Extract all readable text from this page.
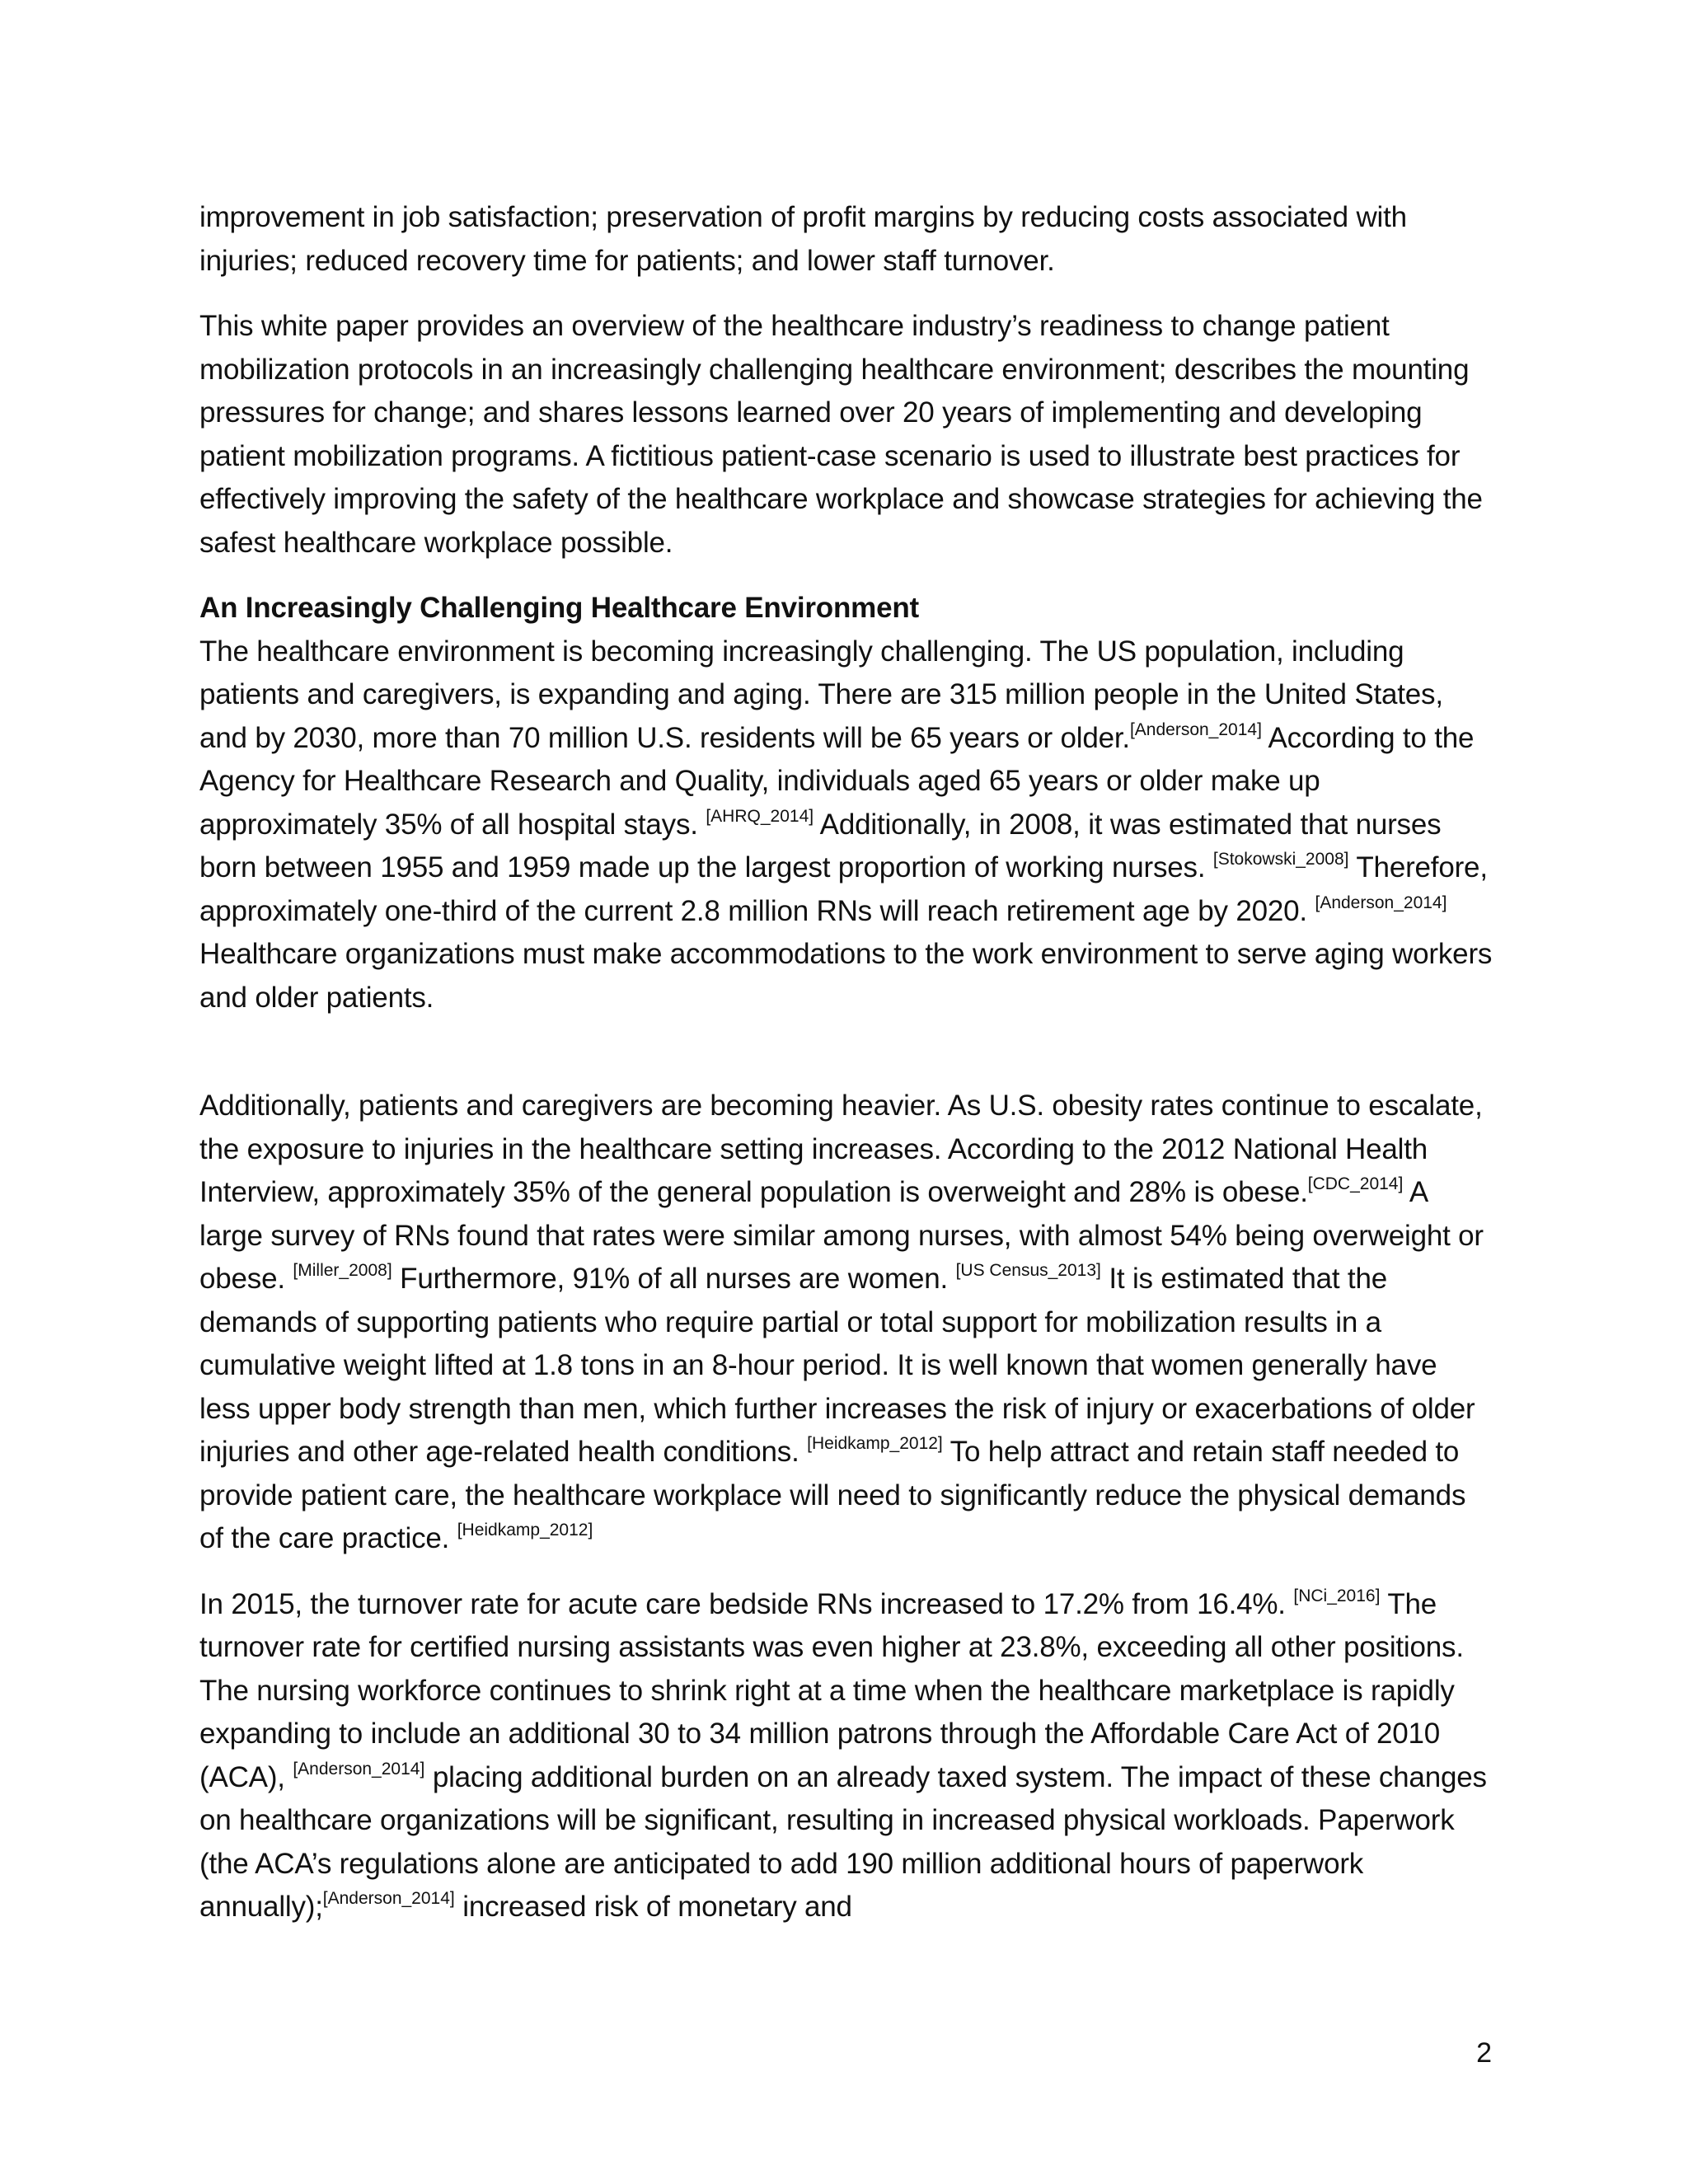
improvement in job satisfaction; preservation of profit margins by reducing costs associated with injuries; reduced recovery time for patients; and lower staff turnover.

This white paper provides an overview of the healthcare industry’s readiness to change patient mobilization protocols in an increasingly challenging healthcare environment; describes the mounting pressures for change; and shares lessons learned over 20 years of implementing and developing patient mobilization programs. A fictitious patient-case scenario is used to illustrate best practices for effectively improving the safety of the healthcare workplace and showcase strategies for achieving the safest healthcare workplace possible.

An Increasingly Challenging Healthcare Environment

The healthcare environment is becoming increasingly challenging. The US population, including patients and caregivers, is expanding and aging. There are 315 million people in the United States, and by 2030, more than 70 million U.S. residents will be 65 years or older.[Anderson_2014] According to the Agency for Healthcare Research and Quality, individuals aged 65 years or older make up approximately 35% of all hospital stays. [AHRQ_2014] Additionally, in 2008, it was estimated that nurses born between 1955 and 1959 made up the largest proportion of working nurses. [Stokowski_2008] Therefore, approximately one-third of the current 2.8 million RNs will reach retirement age by 2020. [Anderson_2014] Healthcare organizations must make accommodations to the work environment to serve aging workers and older patients.

Additionally, patients and caregivers are becoming heavier. As U.S. obesity rates continue to escalate, the exposure to injuries in the healthcare setting increases. According to the 2012 National Health Interview, approximately 35% of the general population is overweight and 28% is obese.[CDC_2014] A large survey of RNs found that rates were similar among nurses, with almost 54% being overweight or obese. [Miller_2008] Furthermore, 91% of all nurses are women. [US Census_2013] It is estimated that the demands of supporting patients who require partial or total support for mobilization results in a cumulative weight lifted at 1.8 tons in an 8-hour period. It is well known that women generally have less upper body strength than men, which further increases the risk of injury or exacerbations of older injuries and other age-related health conditions. [Heidkamp_2012] To help attract and retain staff needed to provide patient care, the healthcare workplace will need to significantly reduce the physical demands of the care practice. [Heidkamp_2012]

In 2015, the turnover rate for acute care bedside RNs increased to 17.2% from 16.4%. [NCi_2016] The turnover rate for certified nursing assistants was even higher at 23.8%, exceeding all other positions. The nursing workforce continues to shrink right at a time when the healthcare marketplace is rapidly expanding to include an additional 30 to 34 million patrons through the Affordable Care Act of 2010 (ACA), [Anderson_2014] placing additional burden on an already taxed system. The impact of these changes on healthcare organizations will be significant, resulting in increased physical workloads. Paperwork (the ACA’s regulations alone are anticipated to add 190 million additional hours of paperwork annually);[Anderson_2014] increased risk of monetary and

2
